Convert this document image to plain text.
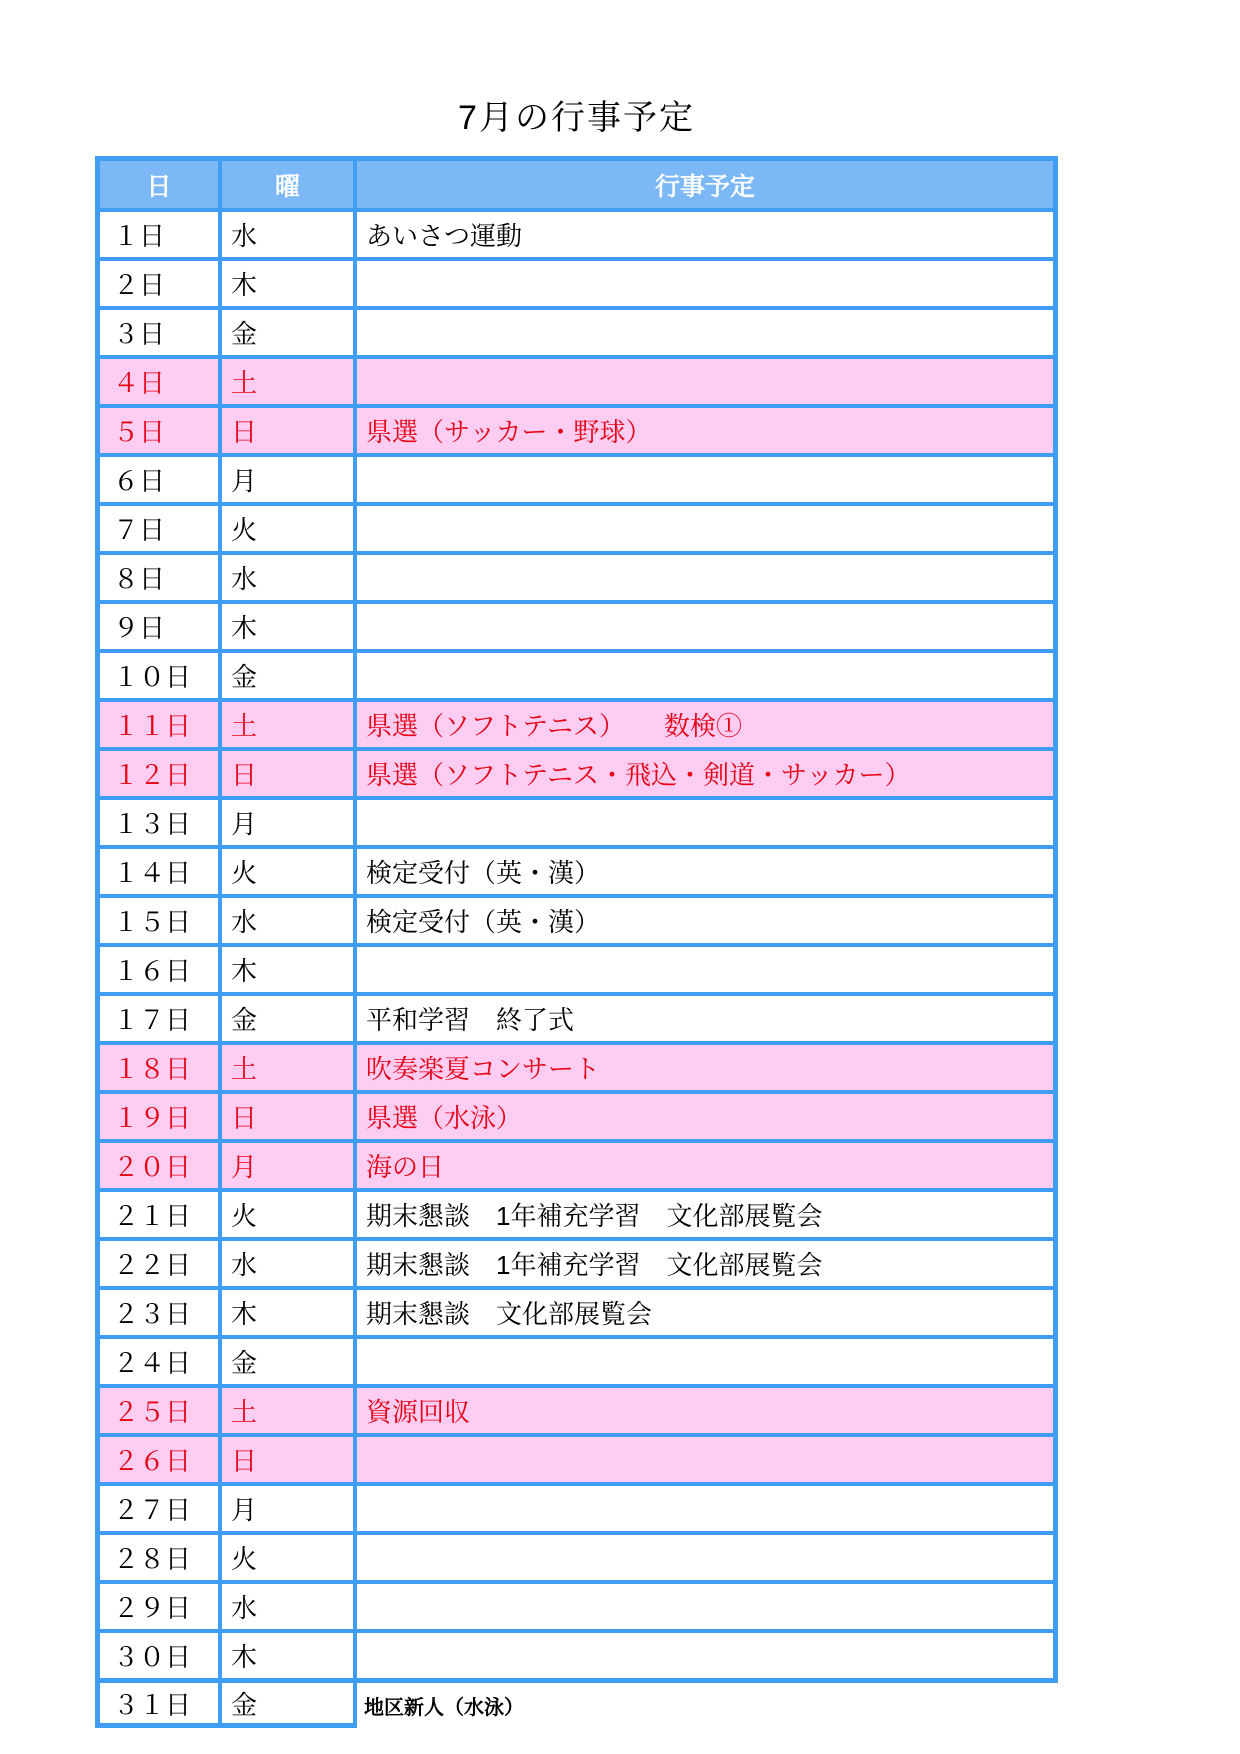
7月の行事予定
日	曜	行事予定
１日	水	あいさつ運動
２日	木
３日	金
４日	土
５日	日	県選（サッカー・野球）
６日	月
７日	火
８日	水
９日	木
１０日	金
１１日	土	県選（ソフトテニス）　　数検①
１２日	日	県選（ソフトテニス・飛込・剣道・サッカー）
１３日	月
１４日	火	検定受付（英・漢）
１５日	水	検定受付（英・漢）
１６日	木
１７日	金	平和学習　終了式
１８日	土	吹奏楽夏コンサート
１９日	日	県選（水泳）
２０日	月	海の日
２１日	火	期末懇談　1年補充学習　文化部展覧会
２２日	水	期末懇談　1年補充学習　文化部展覧会
２３日	木	期末懇談　文化部展覧会
２４日	金
２５日	土	資源回収
２６日	日
２７日	月
２８日	火
２９日	水
３０日	木
３１日	金	地区新人（水泳）
